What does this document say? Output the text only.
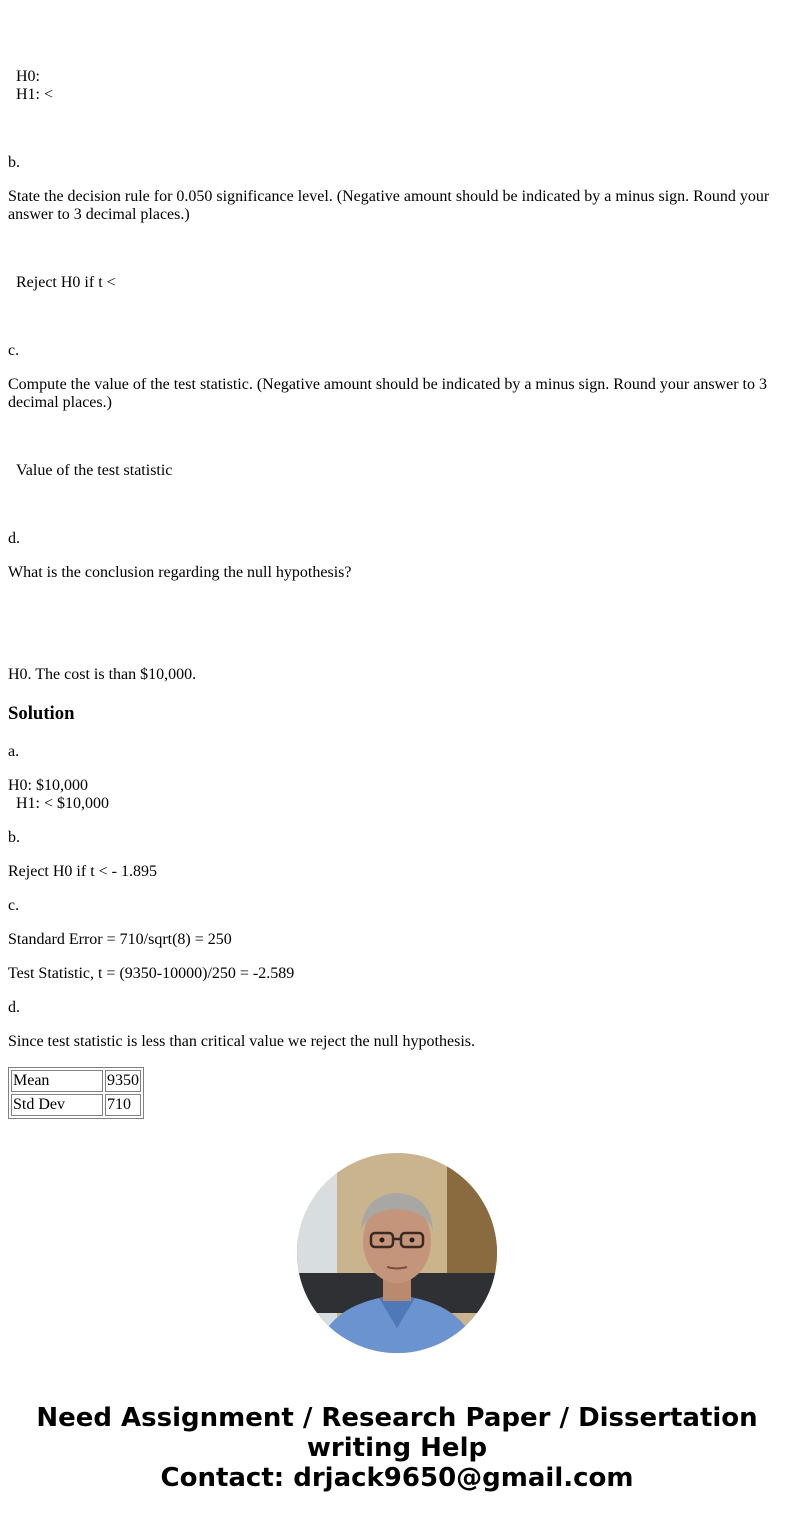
H0:
H1: <
b.
State the decision rule for 0.050 significance level. (Negative amount should be indicated by a minus sign. Round your answer to 3 decimal places.)
Reject H0 if t <
c.
Compute the value of the test statistic. (Negative amount should be indicated by a minus sign. Round your answer to 3 decimal places.)
Value of the test statistic
d.
What is the conclusion regarding the null hypothesis?
H0. The cost is than $10,000.
Solution
a.
H0: $10,000
H1: < $10,000
b.
Reject H0 if t < - 1.895
c.
Standard Error = 710/sqrt(8) = 250
Test Statistic, t = (9350-10000)/250 = -2.589
d.
Since test statistic is less than critical value we reject the null hypothesis.
Mean	9350
Std Dev	710
Need Assignment / Research Paper / Dissertation writing Help
Contact: drjack9650@gmail.com
